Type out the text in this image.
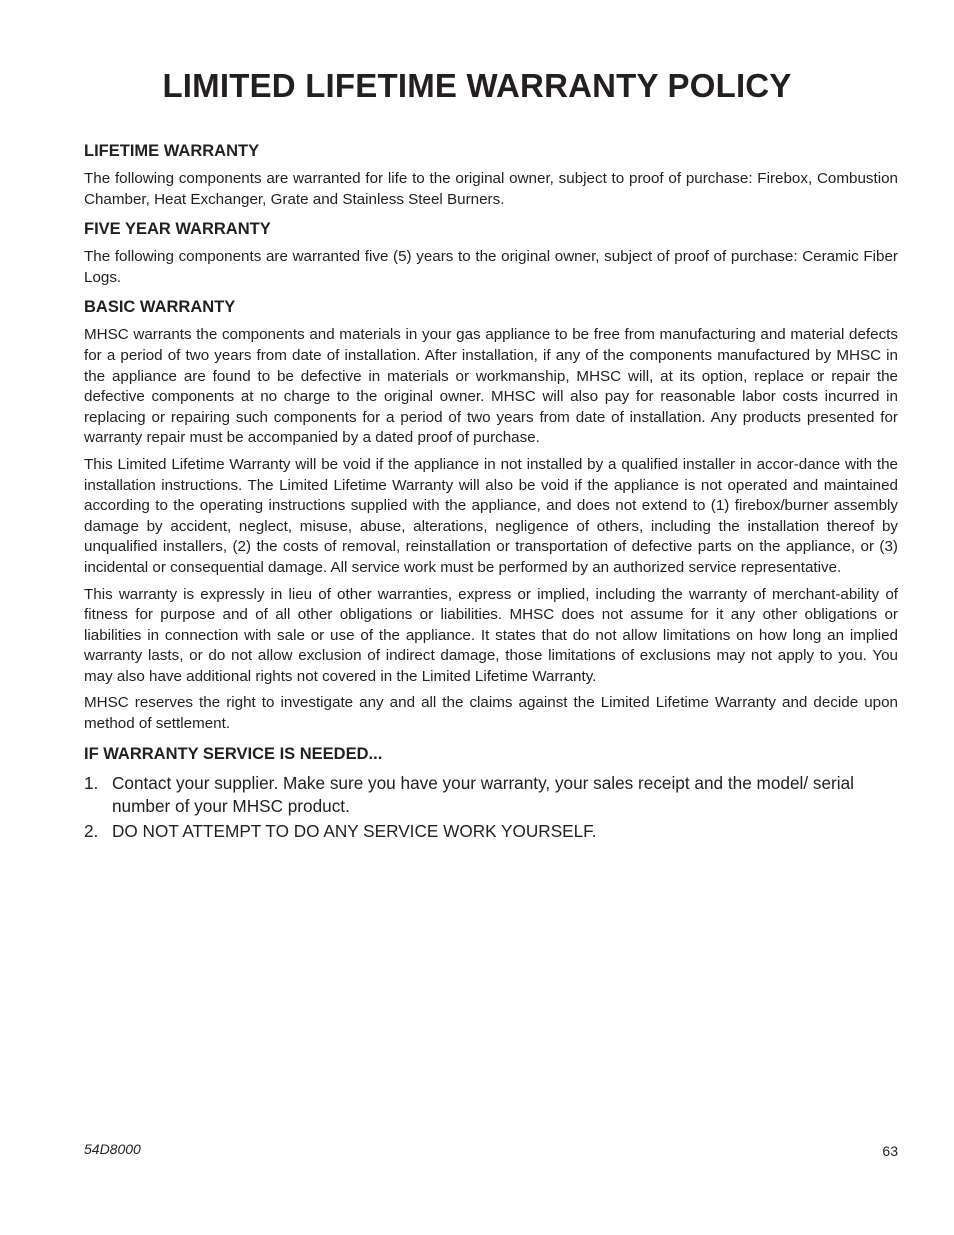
LIMITED LIFETIME WARRANTY POLICY
LIFETIME WARRANTY

The following components are warranted for life to the original owner, subject to proof of purchase: Firebox, Combustion Chamber, Heat Exchanger, Grate and Stainless Steel Burners.

FIVE YEAR WARRANTY

The following components are warranted five (5) years to the original owner, subject of proof of purchase: Ceramic Fiber Logs.

BASIC WARRANTY

MHSC warrants the components and materials in your gas appliance to be free from manufacturing and material defects for a period of two years from date of installation. After installation, if any of the components manufactured by MHSC in the appliance are found to be defective in materials or workmanship, MHSC will, at its option, replace or repair the defective components at no charge to the original owner. MHSC will also pay for reasonable labor costs incurred in replacing or repairing such components for a period of two years from date of installation. Any products presented for warranty repair must be accompanied by a dated proof of purchase.

This Limited Lifetime Warranty will be void if the appliance in not installed by a qualified installer in accor-dance with the installation instructions. The Limited Lifetime Warranty will also be void if the appliance is not operated and maintained according to the operating instructions supplied with the appliance, and does not extend to (1) firebox/burner assembly damage by accident, neglect, misuse, abuse, alterations, negligence of others, including the installation thereof by unqualified installers, (2) the costs of removal, reinstallation or transportation of defective parts on the appliance, or (3) incidental or consequential damage. All service work must be performed by an authorized service representative.

This warranty is expressly in lieu of other warranties, express or implied, including the warranty of merchant-ability of fitness for purpose and of all other obligations or liabilities. MHSC does not assume for it any other obligations or liabilities in connection with sale or use of the appliance. It states that do not allow limitations on how long an implied warranty lasts, or do not allow exclusion of indirect damage, those limitations of exclusions may not apply to you. You may also have additional rights not covered in the Limited Lifetime Warranty.

MHSC reserves the right to investigate any and all the claims against the Limited Lifetime Warranty and decide upon method of settlement.

IF WARRANTY SERVICE IS NEEDED...
1. Contact your supplier. Make sure you have your warranty, your sales receipt and the model/ serial number of your MHSC product.
2. DO NOT ATTEMPT TO DO ANY SERVICE WORK YOURSELF.
54D8000	63
